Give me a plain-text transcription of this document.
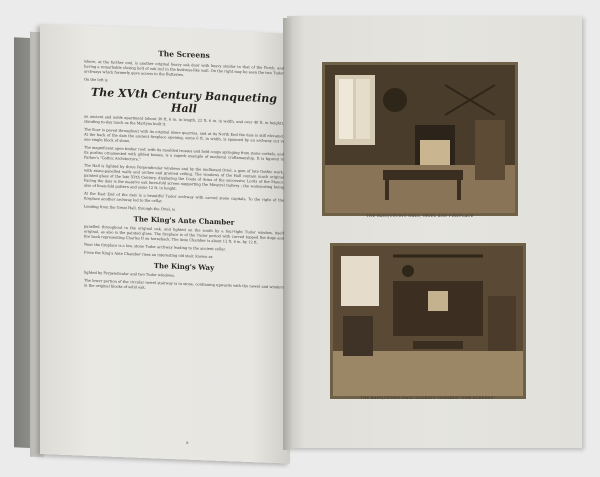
The Screens

where, at the further end, is another original heavy oak door with heavy similar to that of the Porch, and having a remarkable closing bolt of oak incl in the buttress-like wall. On the right may be seen the two Tudor archways which formerly gave access to the Butteries.

On the left is

The XVth Century Banqueting Hall

an ancient and noble apartment (about 30 ft. 6 in. in length, 22 ft. 6 in. in width, and over 40 ft. in height), standing to-day much as the Martyns built it.

The floor is paved throughout with its original stone quarries, and at its North End the dais is still elevated. At the back of the dais the ancient fireplace opening, some 6 ft. in width, is spanned by an archway cut in one single block of stone.

The magnificent open timber roof, with its moulded trusses and bold coups springing from stone corbels, and its purlins ornamented with gilded bosses, is a superb example of medieval craftsmanship. It is figured in Parker's "Gothic Architecture."

The Hall is lighted by three Perpendicular windows and by the mullioned Oriel, a gem of late Gothic work, with stone-panelled walls and arches and groined ceiling. The windows of the Hall contain much original painted glass of the late XVth Century, displaying the Coats of Arms of the successive Lords of the Manor. Facing the dais is the massive oak linen-fold screen supporting the Minstrel Gallery ; the wainscoting being also of linen-fold pattern and some 12 ft. in height.

At the East End of the dais is a beautiful Tudor archway with carved stone capitals. To the right of the fireplace another archway led to the cellar.

Leading from the Great Hall, through the Oriel, is

The King's Ante Chamber

panelled throughout in the original oak, and lighted on the south by a four-light Tudor window, itself original, as also is the painted glass. The fireplace is of the Tudor period with carved topped the dogs and fire back representing Charles II on horseback. The Ante Chamber is about 12 ft. 6 in. by 12 ft.

Near the fireplace is a low, stone Tudor archway leading to the ancient cellar.

From the King's Ante Chamber rises an interesting old stair, known as

The King's Way

lighted by Perpendicular and two Tudor windows.

The lower portion of the circular newel stairway is in stone, continuing upwards with the newel and winders in the original blocks of solid oak.

8
THE BANQUETING HALL, ORIEL AND FIREPLACE
THE BANQUETING HALL LOOKING TOWARDS "THE SCREENS"
